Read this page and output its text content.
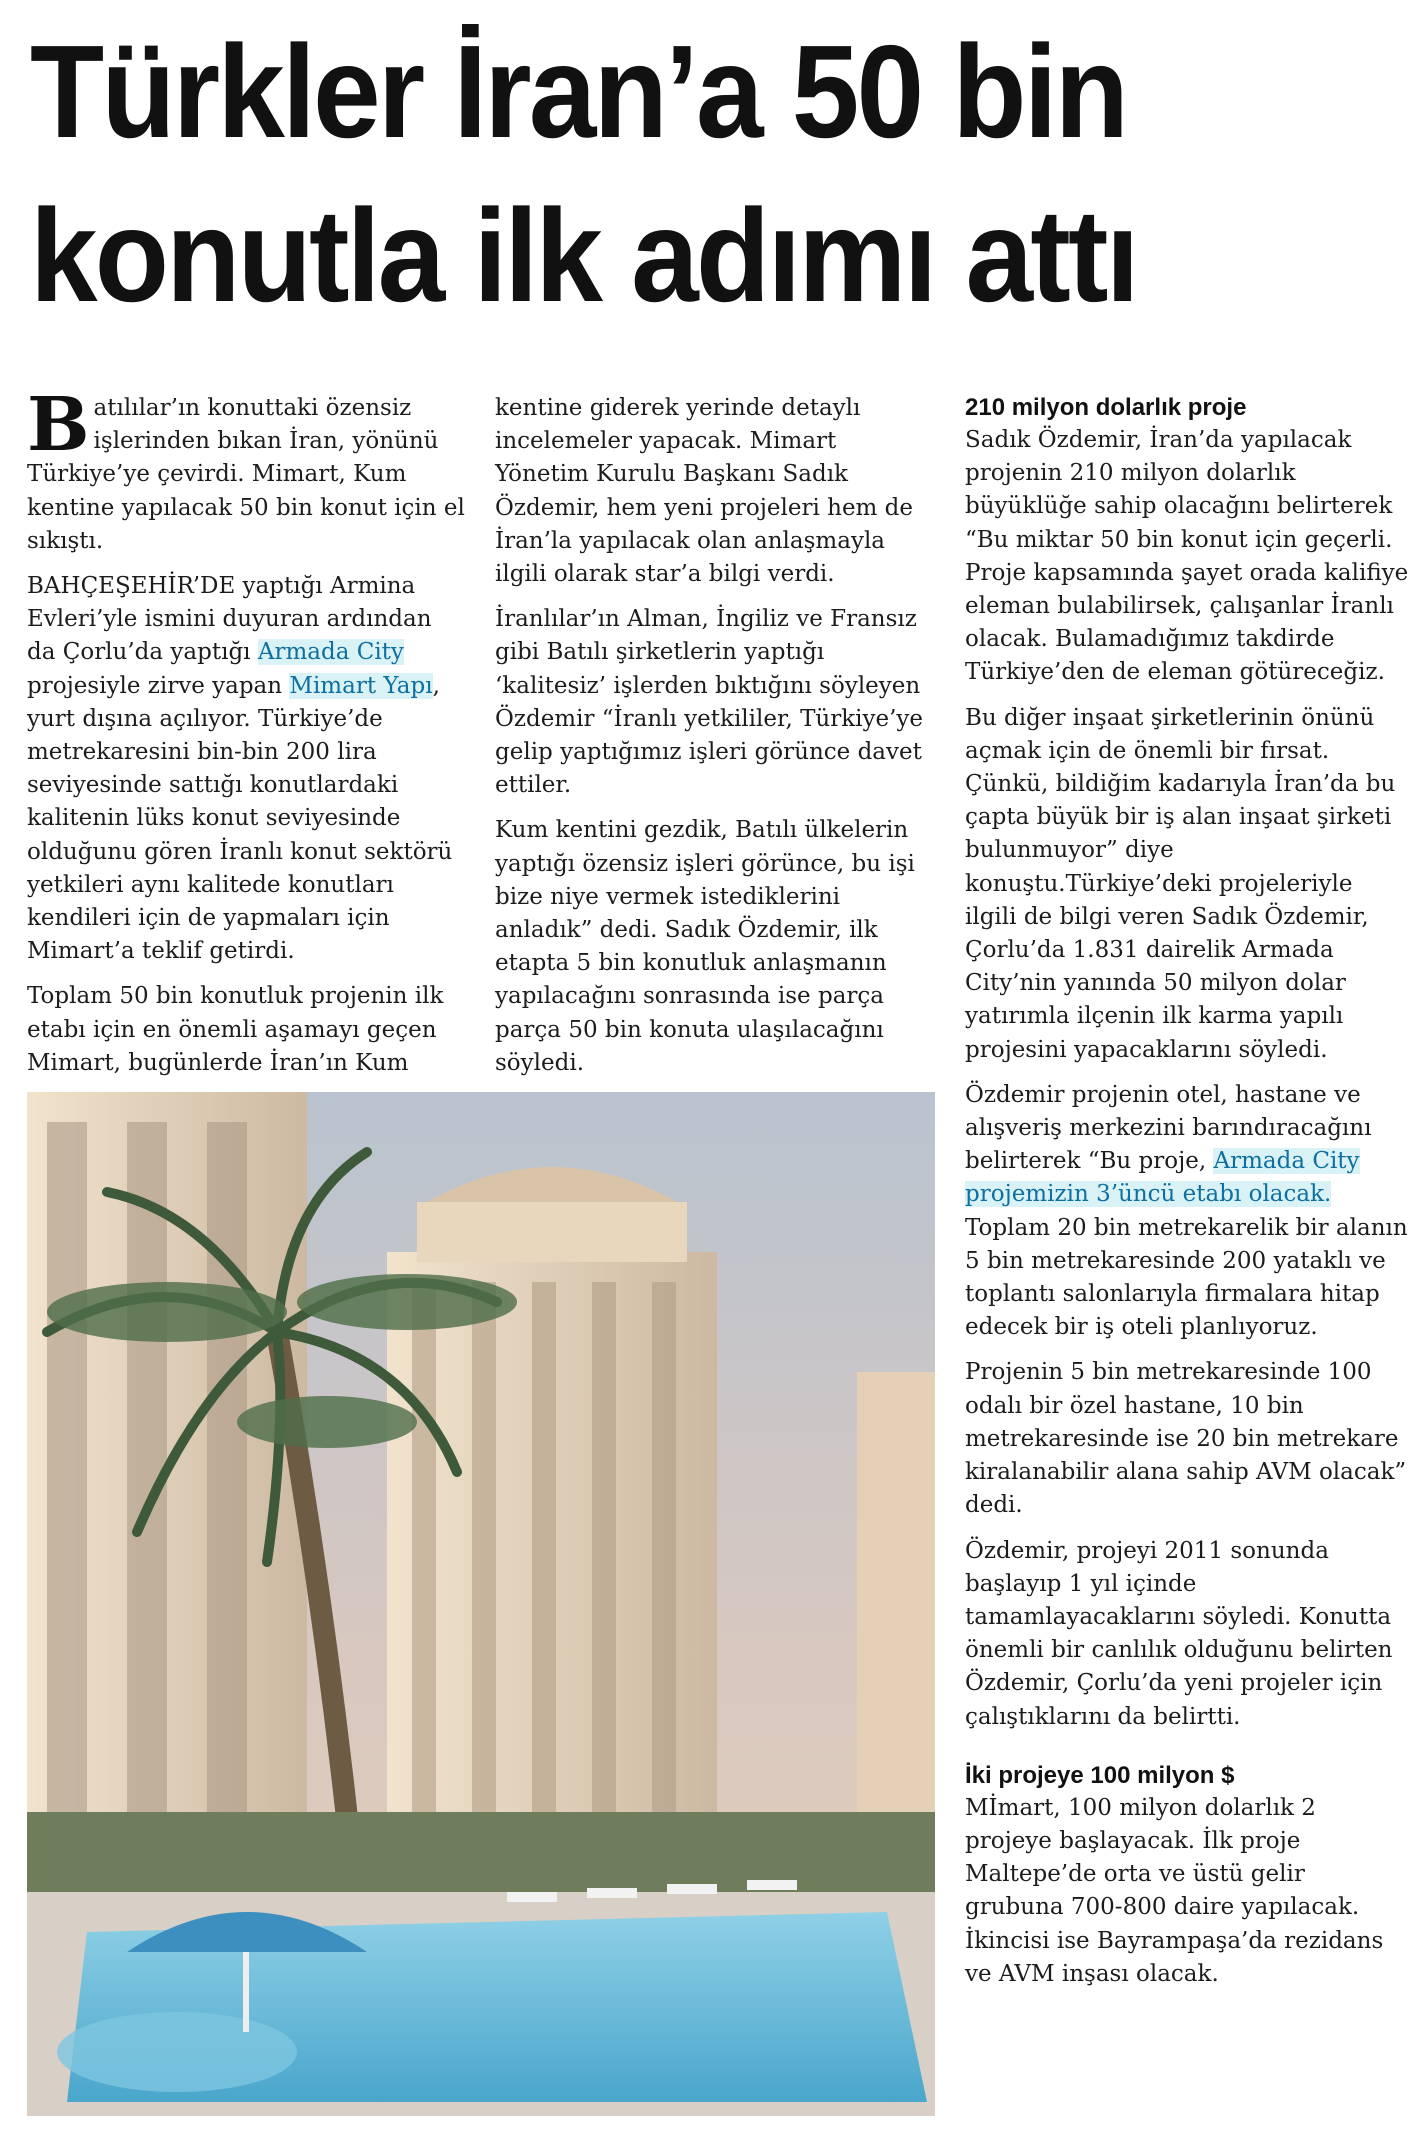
Türkler İran’a 50 bin
konutla ilk adımı attı

Batılılar’ın konuttaki özensiz işlerinden bıkan İran, yönünü Türkiye’ye çevirdi. Mimart, Kum kentine yapılacak 50 bin konut için el sıkıştı.

BAHÇEŞEHİR’DE yaptığı Armina Evleri’yle ismini duyuran ardından da Çorlu’da yaptığı Armada City projesiyle zirve yapan Mimart Yapı, yurt dışına açılıyor. Türkiye’de metrekaresini bin-bin 200 lira seviyesinde sattığı konutlardaki kalitenin lüks konut seviyesinde olduğunu gören İranlı konut sektörü yetkileri aynı kalitede konutları kendileri için de yapmaları için Mimart’a teklif getirdi.

Toplam 50 bin konutluk projenin ilk etabı için en önemli aşamayı geçen Mimart, bugünlerde İran’ın Kum

kentine giderek yerinde detaylı incelemeler yapacak. Mimart Yönetim Kurulu Başkanı Sadık Özdemir, hem yeni projeleri hem de İran’la yapılacak olan anlaşmayla ilgili olarak star’a bilgi verdi.

İranlılar’ın Alman, İngiliz ve Fransız gibi Batılı şirketlerin yaptığı ‘kalitesiz’ işlerden bıktığını söyleyen Özdemir “İranlı yetkililer, Türkiye’ye gelip yaptığımız işleri görünce davet ettiler.

Kum kentini gezdik, Batılı ülkelerin yaptığı özensiz işleri görünce, bu işi bize niye vermek istediklerini anladık” dedi. Sadık Özdemir, ilk etapta 5 bin konutluk anlaşmanın yapılacağını sonrasında ise parça parça 50 bin konuta ulaşılacağını söyledi.

210 milyon dolarlık proje

Sadık Özdemir, İran’da yapılacak projenin 210 milyon dolarlık büyüklüğe sahip olacağını belirterek “Bu miktar 50 bin konut için geçerli. Proje kapsamında şayet orada kalifiye eleman bulabilirsek, çalışanlar İranlı olacak. Bulamadığımız takdirde Türkiye’den de eleman götüreceğiz.

Bu diğer inşaat şirketlerinin önünü açmak için de önemli bir fırsat. Çünkü, bildiğim kadarıyla İran’da bu çapta büyük bir iş alan inşaat şirketi bulunmuyor” diye konuştu.Türkiye’deki projeleriyle ilgili de bilgi veren Sadık Özdemir, Çorlu’da 1.831 dairelik Armada City’nin yanında 50 milyon dolar yatırımla ilçenin ilk karma yapılı projesini yapacaklarını söyledi.

Özdemir projenin otel, hastane ve alışveriş merkezini barındıracağını belirterek “Bu proje, Armada City projemizin 3’üncü etabı olacak. Toplam 20 bin metrekarelik bir alanın 5 bin metrekaresinde 200 yataklı ve toplantı salonlarıyla firmalara hitap edecek bir iş oteli planlıyoruz.

Projenin 5 bin metrekaresinde 100 odalı bir özel hastane, 10 bin metrekaresinde ise 20 bin metrekare kiralanabilir alana sahip AVM olacak” dedi.

Özdemir, projeyi 2011 sonunda başlayıp 1 yıl içinde tamamlayacaklarını söyledi. Konutta önemli bir canlılık olduğunu belirten Özdemir, Çorlu’da yeni projeler için çalıştıklarını da belirtti.

İki projeye 100 milyon $

Mİmart, 100 milyon dolarlık 2 projeye başlayacak. İlk proje Maltepe’de orta ve üstü gelir grubuna 700-800 daire yapılacak. İkincisi ise Bayrampaşa’da rezidans ve AVM inşası olacak.
